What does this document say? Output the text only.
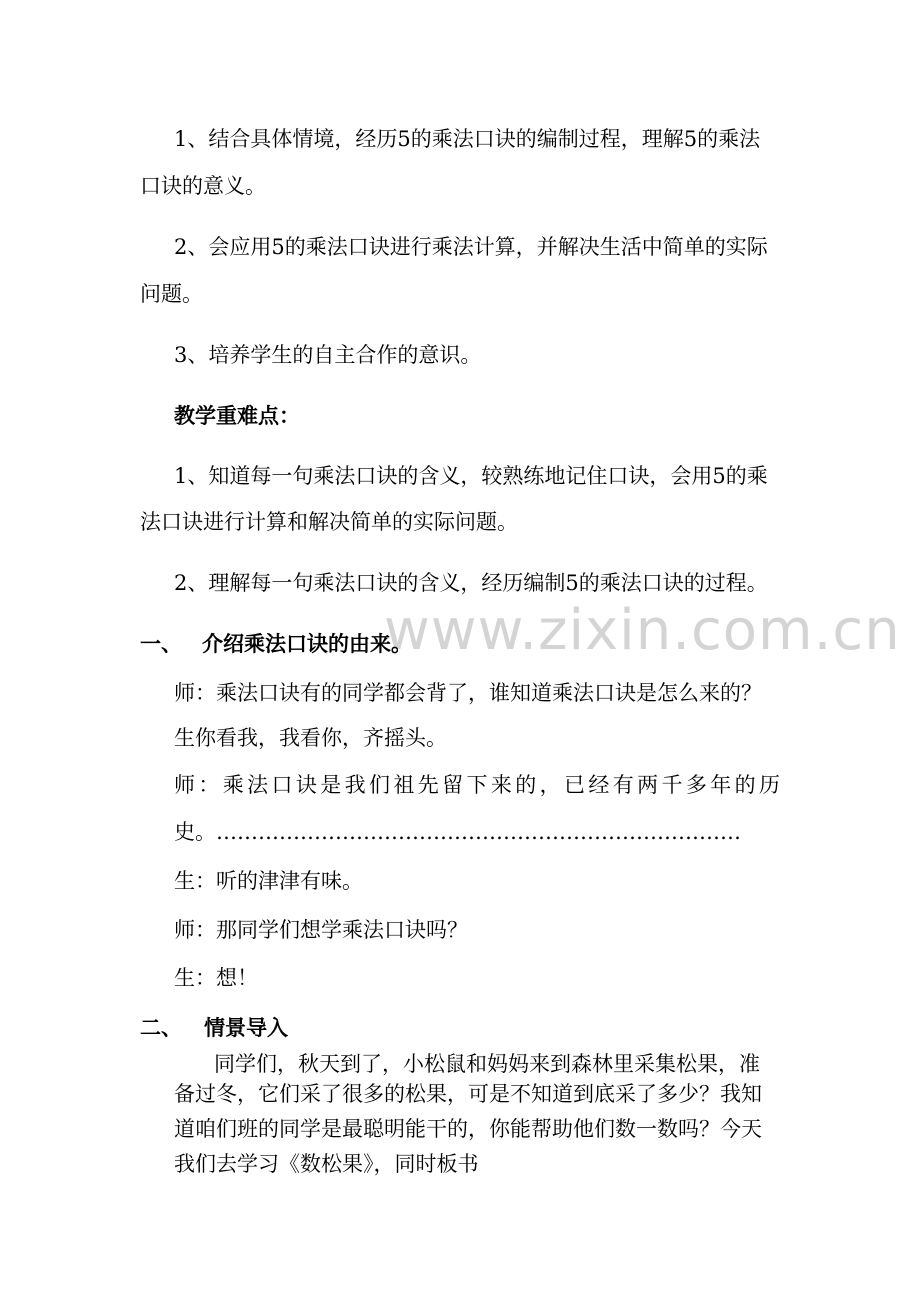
www.zixin.com.cn
1、结合具体情境，经历5的乘法口诀的编制过程，理解5的乘法
口诀的意义。
2、会应用5的乘法口诀进行乘法计算，并解决生活中简单的实际
问题。
3、培养学生的自主合作的意识。
教学重难点：
1、知道每一句乘法口诀的含义，较熟练地记住口诀，会用5的乘
法口诀进行计算和解决简单的实际问题。
2、理解每一句乘法口诀的含义，经历编制5的乘法口诀的过程。
一、 介绍乘法口诀的由来。
师：乘法口诀有的同学都会背了，谁知道乘法口诀是怎么来的？
生你看我，我看你，齐摇头。
师 ： 乘 法 口 诀 是 我 们 祖 先 留 下 来 的 ， 已 经 有 两 千 多 年 的 历
史。…………………………………………………………………
生：听的津津有味。
师：那同学们想学乘法口诀吗？
生：想！
二、 情景导入
同学们，秋天到了，小松鼠和妈妈来到森林里采集松果，准
备过冬，它们采了很多的松果，可是不知道到底采了多少？我知
道咱们班的同学是最聪明能干的，你能帮助他们数一数吗？今天
我们去学习《数松果》，同时板书
